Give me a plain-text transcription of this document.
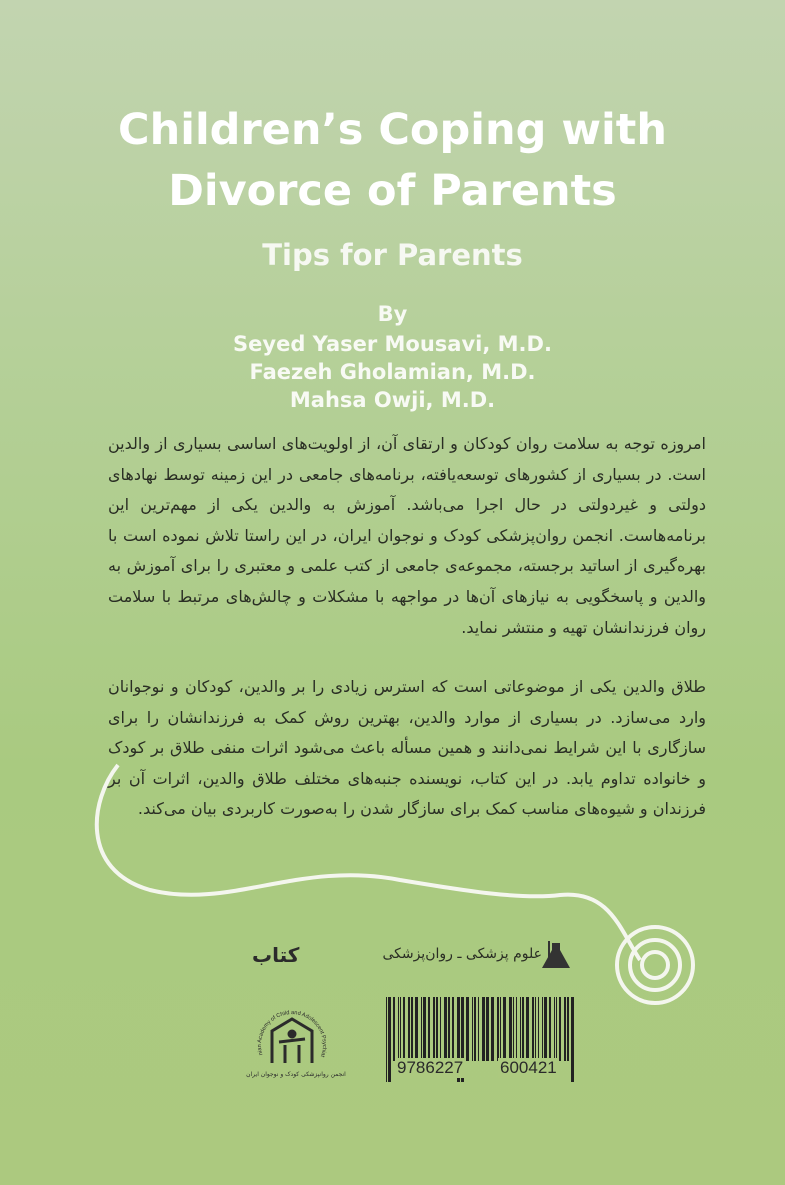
Children’s Coping with
Divorce of Parents
Tips for Parents
By
Seyed Yaser Mousavi, M.D.
Faezeh Gholamian, M.D.
Mahsa Owji, M.D.
امروزه توجه به سلامت روان کودکان و ارتقای آن، از اولویت‌های اساسی بسیاری از والدین است. در بسیاری از کشورهای توسعه‌یافته، برنامه‌های جامعی در این زمینه توسط نهادهای دولتی و غیردولتی در حال اجرا می‌باشد. آموزش به والدین یکی از مهم‌ترین این برنامه‌هاست. انجمن روان‌پزشکی کودک و نوجوان ایران، در این راستا تلاش نموده است با بهره‌گیری از اساتید برجسته، مجموعه‌ی جامعی از کتب علمی و معتبری را برای آموزش به والدین و پاسخگویی به نیازهای آن‌ها در مواجهه با مشکلات و چالش‌های مرتبط با سلامت روان فرزندانشان تهیه و منتشر نماید.
طلاق والدین یکی از موضوعاتی است که استرس زیادی را بر والدین، کودکان و نوجوانان وارد می‌سازد. در بسیاری از موارد والدین، بهترین روش کمک به فرزندانشان را برای سازگاری با این شرایط نمی‌دانند و همین مسأله باعث می‌شود اثرات منفی طلاق بر کودک و خانواده تداوم یابد. در این کتاب، نویسنده جنبه‌های مختلف طلاق والدین، اثرات آن بر فرزندان و شیوه‌های مناسب کمک برای سازگار شدن را به‌صورت کاربردی بیان می‌کند.
nian Academy of Child and Adolescent Psychiat
علوم پزشکی ـ روان‌پزشکی
9786227 600421
کتاب
انجمن روانپزشکی کودک و نوجوان ایران
